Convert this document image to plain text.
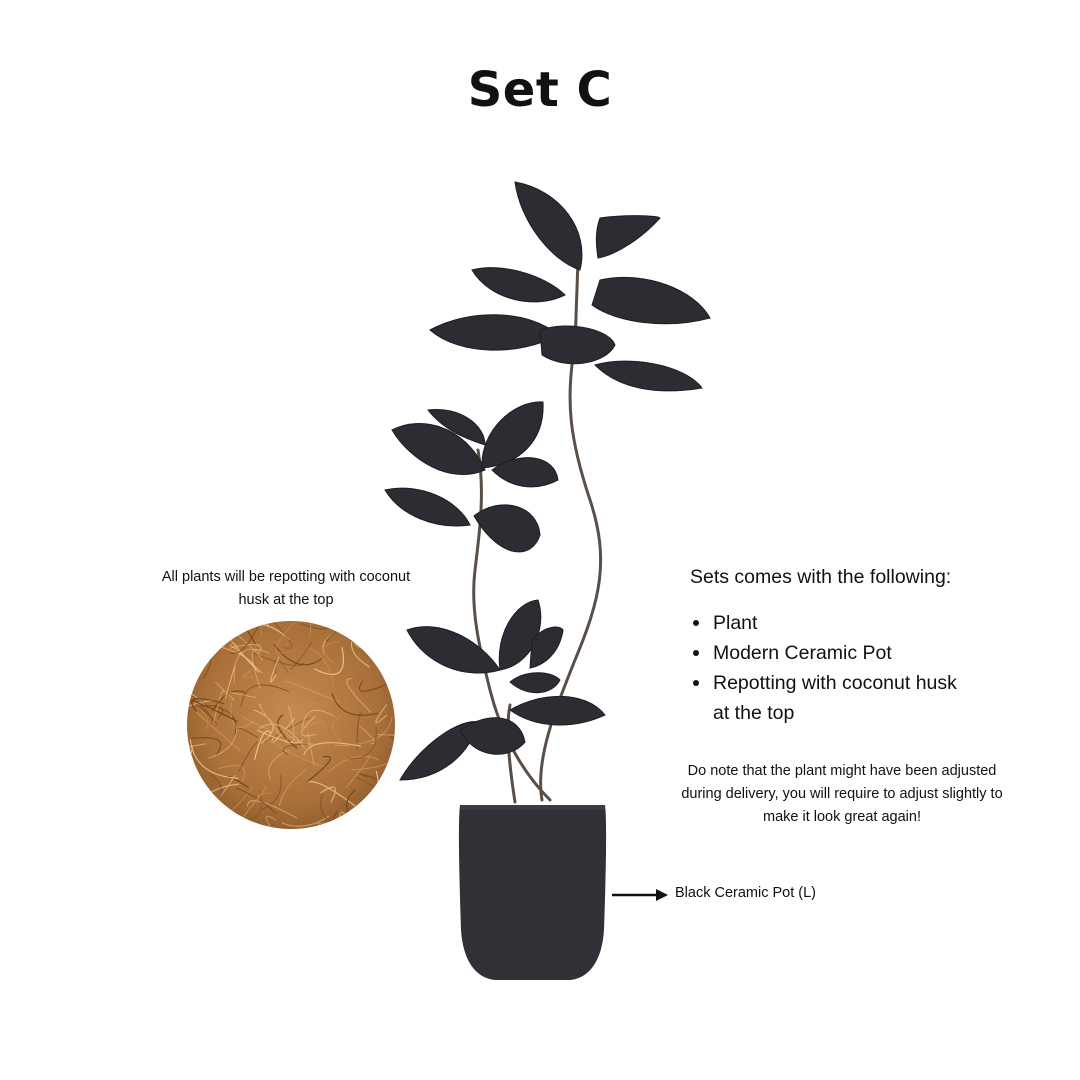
Set C
All plants will be repotting with coconut husk at the top
Sets comes with the following:
Plant
Modern Ceramic Pot
Repotting with coconut husk at the top
Do note that the plant might have been adjusted during delivery, you will require to adjust slightly to make it look great again!
Black Ceramic Pot (L)
